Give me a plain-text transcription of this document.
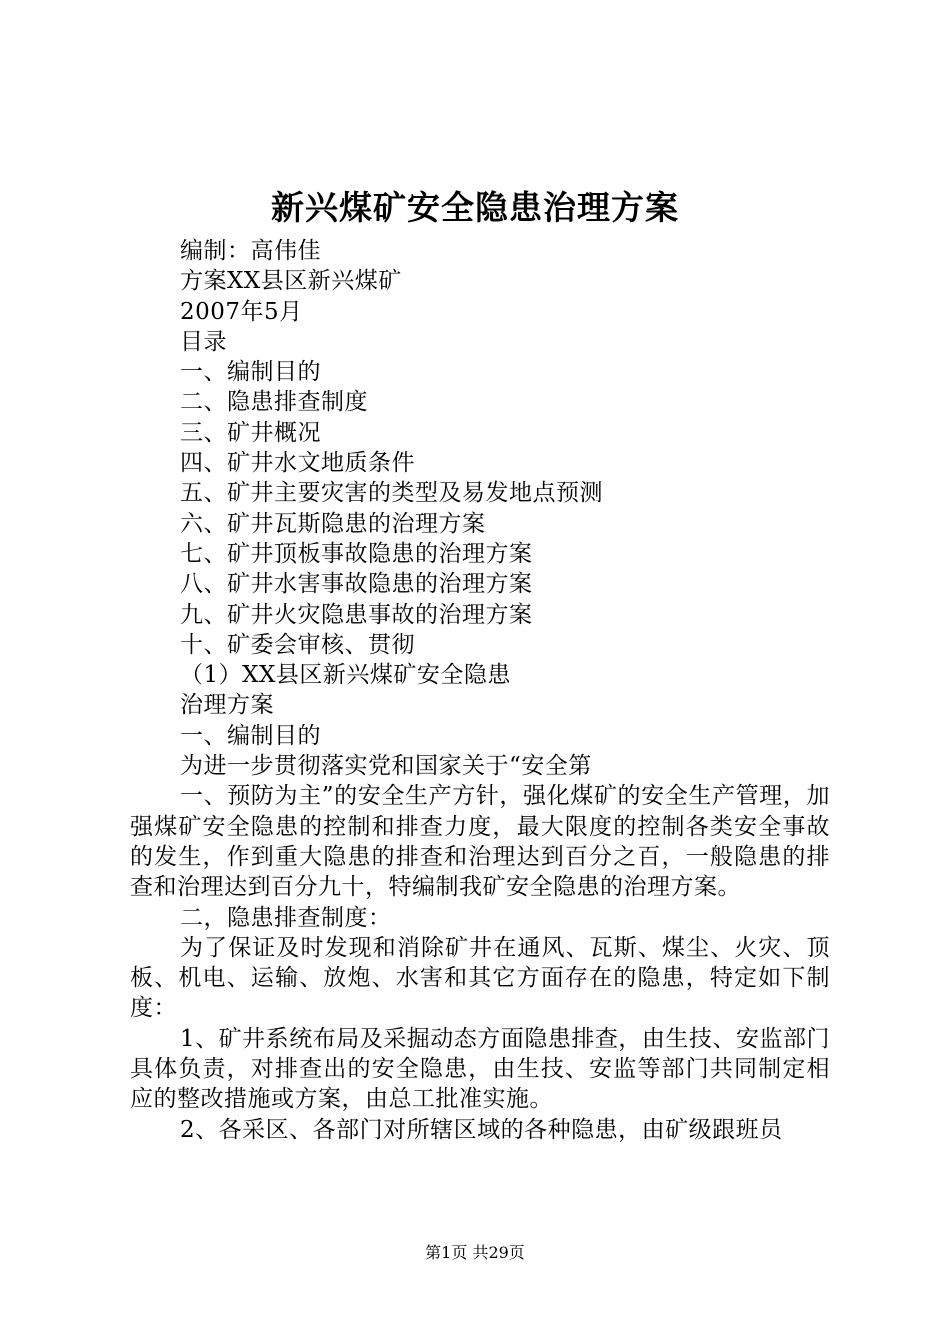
新兴煤矿安全隐患治理方案

编制：高伟佳

方案XX县区新兴煤矿

2007年5月

目录

一、编制目的

二、隐患排查制度

三、矿井概况

四、矿井水文地质条件

五、矿井主要灾害的类型及易发地点预测

六、矿井瓦斯隐患的治理方案

七、矿井顶板事故隐患的治理方案

八、矿井水害事故隐患的治理方案

九、矿井火灾隐患事故的治理方案

十、矿委会审核、贯彻

（1）XX县区新兴煤矿安全隐患

治理方案

一、编制目的

为进一步贯彻落实党和国家关于“安全第

一、预防为主”的安全生产方针，强化煤矿的安全生产管理，加强煤矿安全隐患的控制和排查力度，最大限度的控制各类安全事故的发生，作到重大隐患的排查和治理达到百分之百，一般隐患的排查和治理达到百分九十，特编制我矿安全隐患的治理方案。

二，隐患排查制度：

为了保证及时发现和消除矿井在通风、瓦斯、煤尘、火灾、顶板、机电、运输、放炮、水害和其它方面存在的隐患，特定如下制度：

1、矿井系统布局及采掘动态方面隐患排查，由生技、安监部门具体负责，对排查出的安全隐患，由生技、安监等部门共同制定相应的整改措施或方案，由总工批准实施。

2、各采区、各部门对所辖区域的各种隐患，由矿级跟班员

第1页 共29页
